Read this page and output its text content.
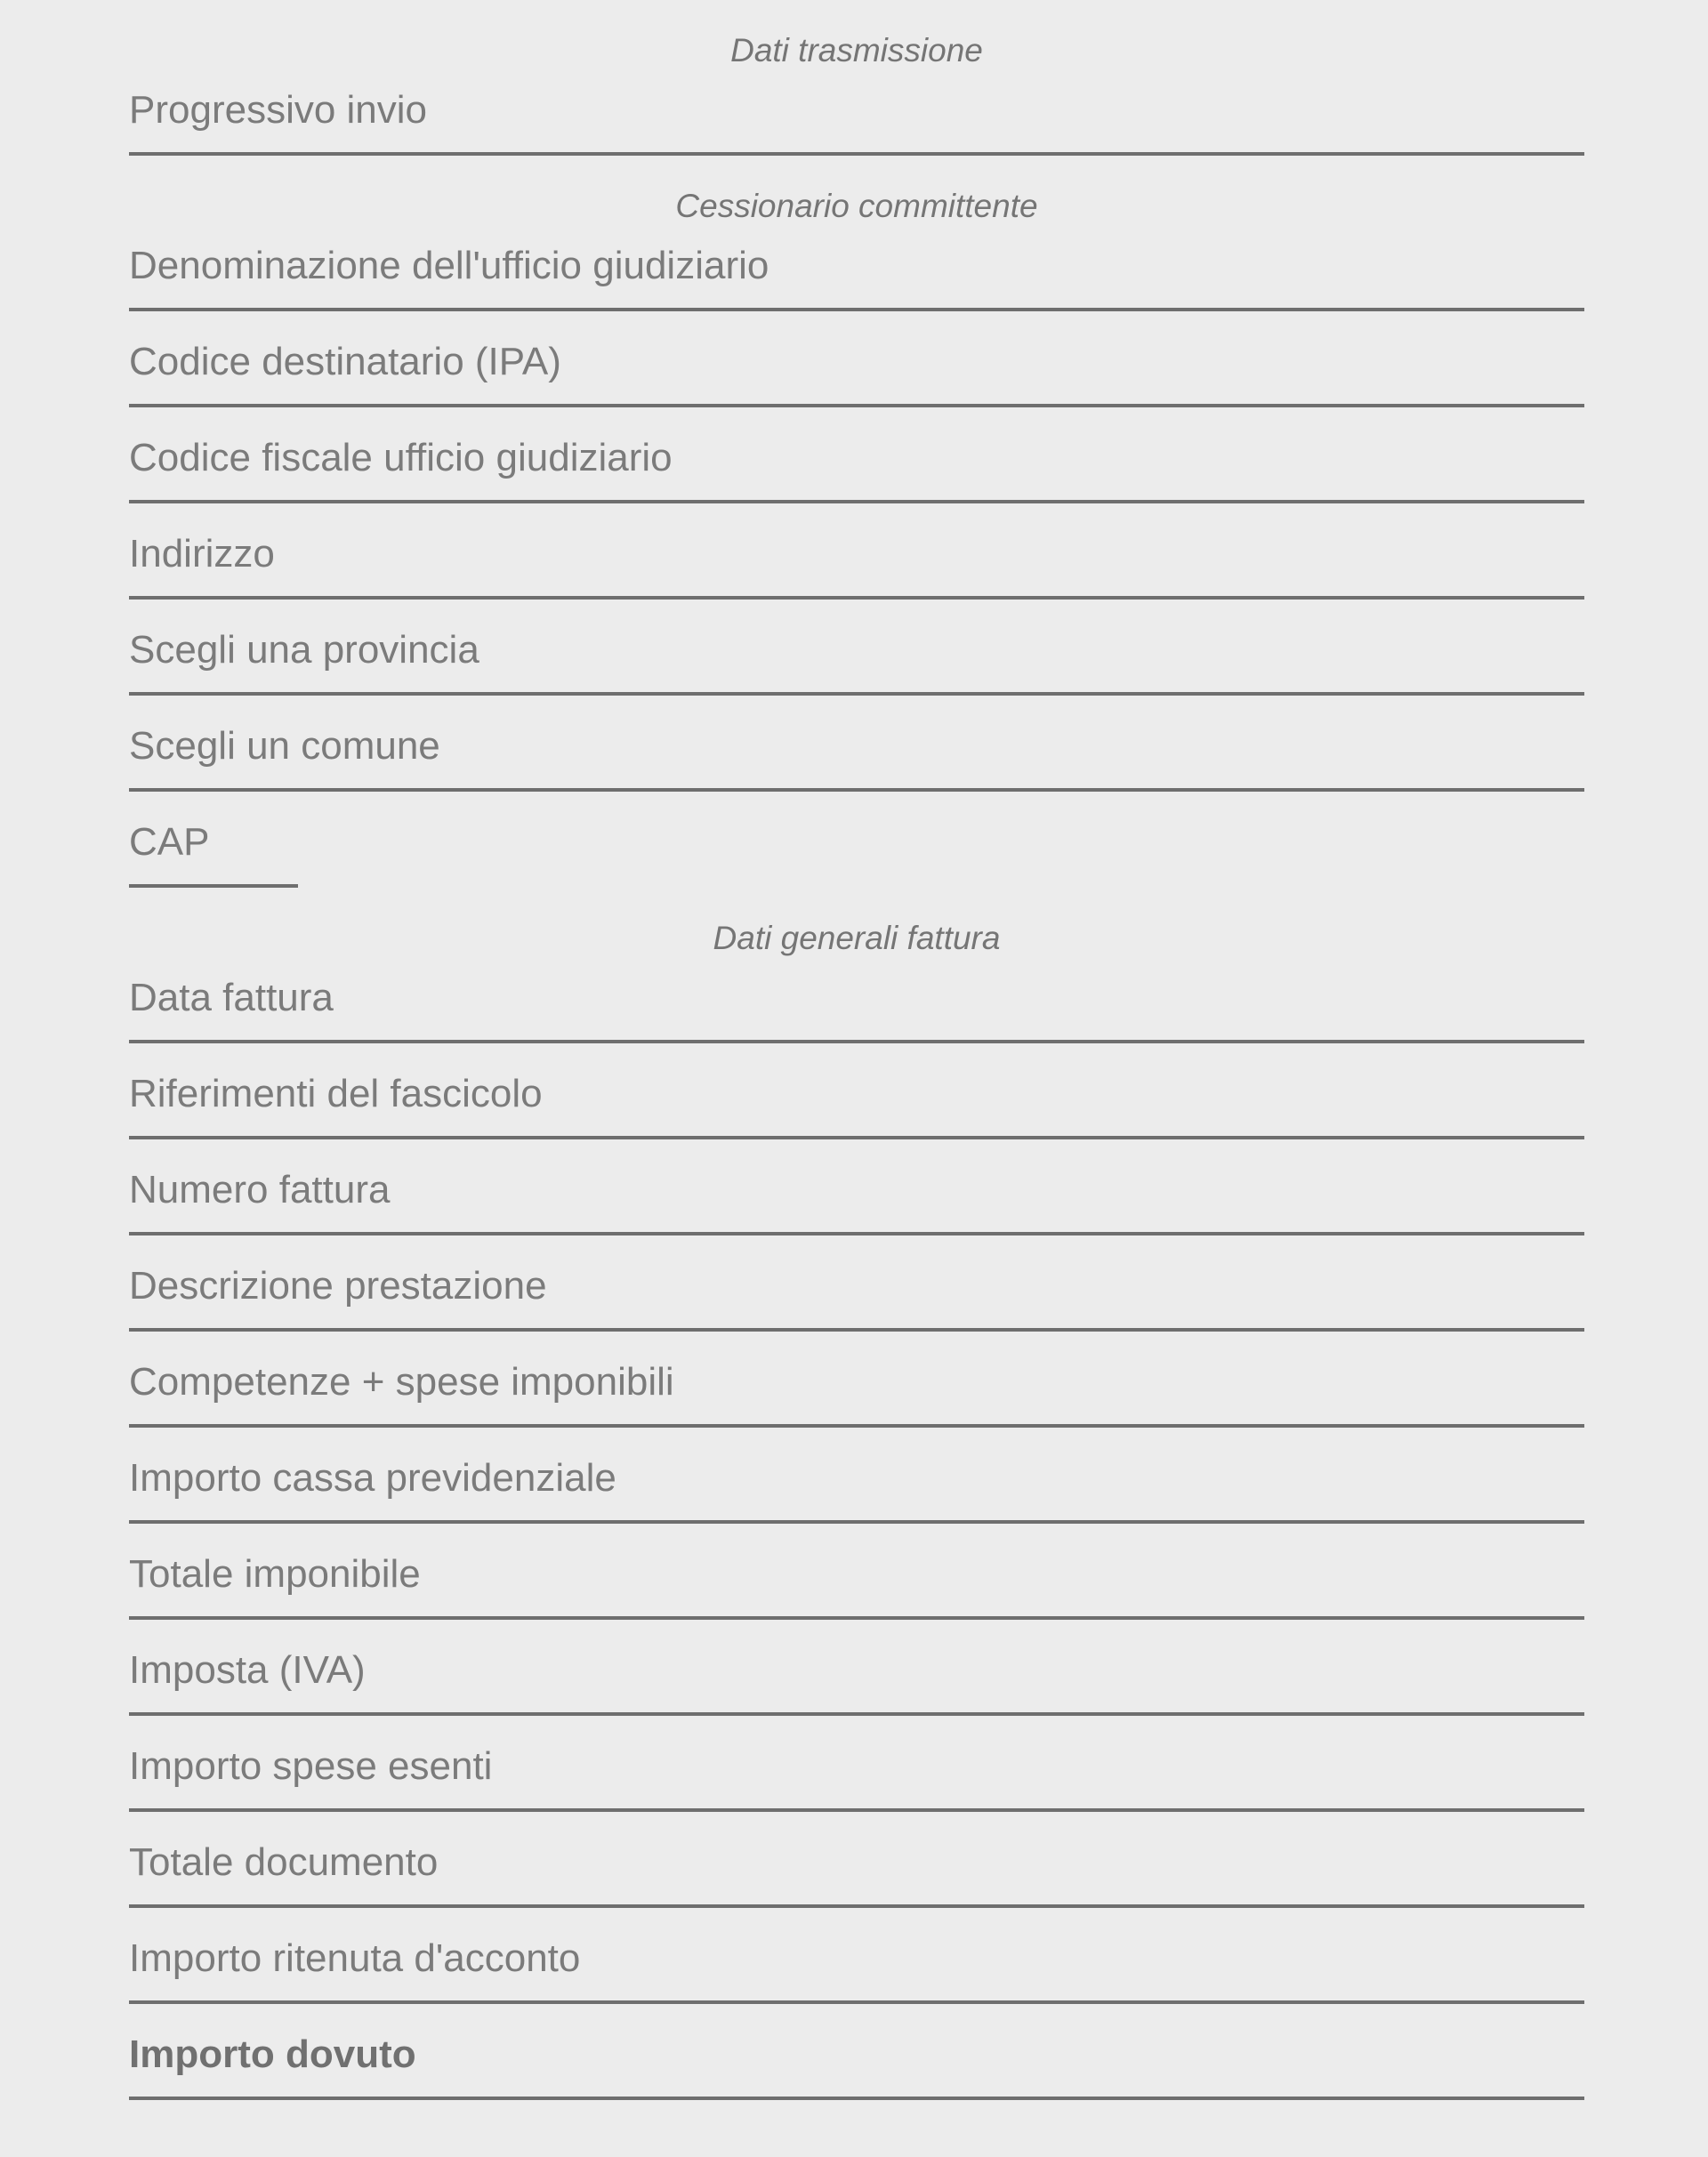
Dati trasmissione
Progressivo invio
Cessionario committente
Denominazione dell'ufficio giudiziario
Codice destinatario (IPA)
Codice fiscale ufficio giudiziario
Indirizzo
Scegli una provincia
Scegli un comune
CAP
Dati generali fattura
Data fattura
Riferimenti del fascicolo
Numero fattura
Descrizione prestazione
Competenze + spese imponibili
Importo cassa previdenziale
Totale imponibile
Imposta (IVA)
Importo spese esenti
Totale documento
Importo ritenuta d'acconto
Importo dovuto
